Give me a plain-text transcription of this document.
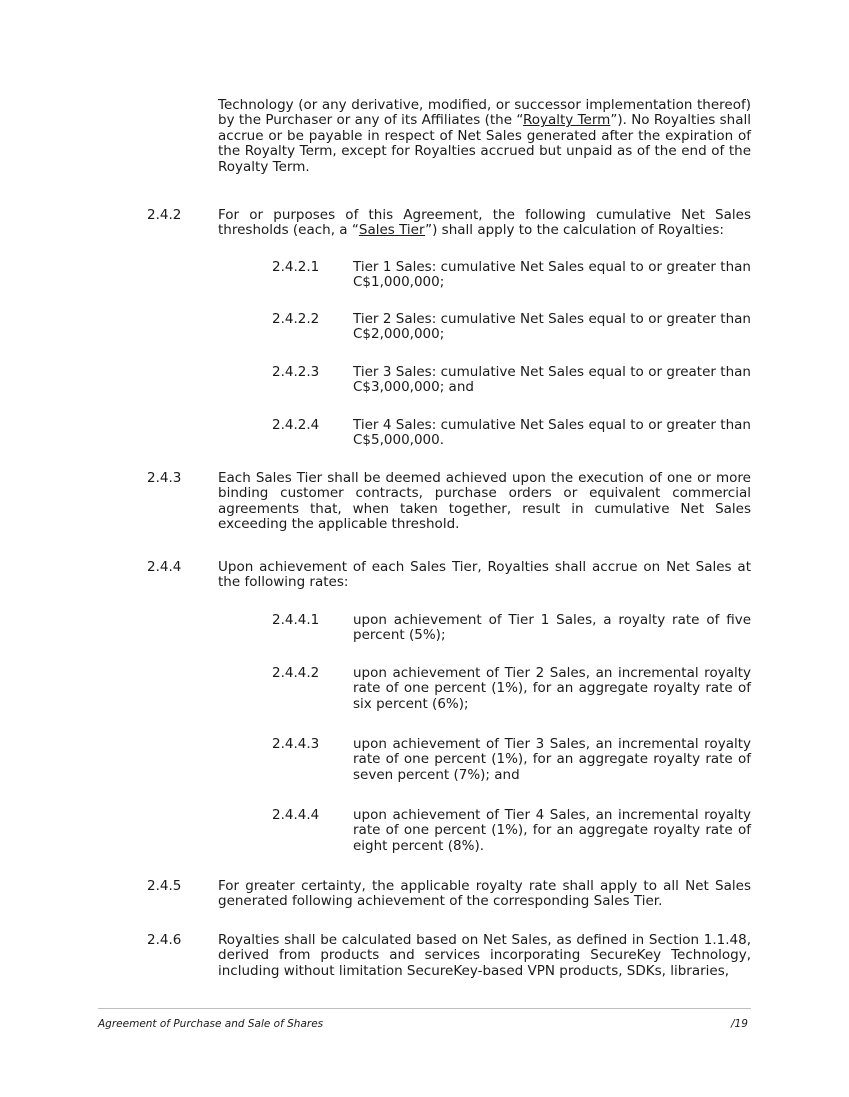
Technology (or any derivative, modified, or successor implementation thereof) by the Purchaser or any of its Affiliates (the “Royalty Term”). No Royalties shall accrue or be payable in respect of Net Sales generated after the expiration of the Royalty Term, except for Royalties accrued but unpaid as of the end of the Royalty Term.
2.4.2	For or purposes of this Agreement, the following cumulative Net Sales thresholds (each, a “Sales Tier”) shall apply to the calculation of Royalties:
2.4.2.1	Tier 1 Sales: cumulative Net Sales equal to or greater than C$1,000,000;
2.4.2.2	Tier 2 Sales: cumulative Net Sales equal to or greater than C$2,000,000;
2.4.2.3	Tier 3 Sales: cumulative Net Sales equal to or greater than C$3,000,000; and
2.4.2.4	Tier 4 Sales: cumulative Net Sales equal to or greater than C$5,000,000.
2.4.3	Each Sales Tier shall be deemed achieved upon the execution of one or more binding customer contracts, purchase orders or equivalent commercial agreements that, when taken together, result in cumulative Net Sales exceeding the applicable threshold.
2.4.4	Upon achievement of each Sales Tier, Royalties shall accrue on Net Sales at the following rates:
2.4.4.1	upon achievement of Tier 1 Sales, a royalty rate of five percent (5%);
2.4.4.2	upon achievement of Tier 2 Sales, an incremental royalty rate of one percent (1%), for an aggregate royalty rate of six percent (6%);
2.4.4.3	upon achievement of Tier 3 Sales, an incremental royalty rate of one percent (1%), for an aggregate royalty rate of seven percent (7%); and
2.4.4.4	upon achievement of Tier 4 Sales, an incremental royalty rate of one percent (1%), for an aggregate royalty rate of eight percent (8%).
2.4.5	For greater certainty, the applicable royalty rate shall apply to all Net Sales generated following achievement of the corresponding Sales Tier.
2.4.6	Royalties shall be calculated based on Net Sales, as defined in Section 1.1.48, derived from products and services incorporating SecureKey Technology, including without limitation SecureKey-based VPN products, SDKs, libraries,
Agreement of Purchase and Sale of Shares	/19
